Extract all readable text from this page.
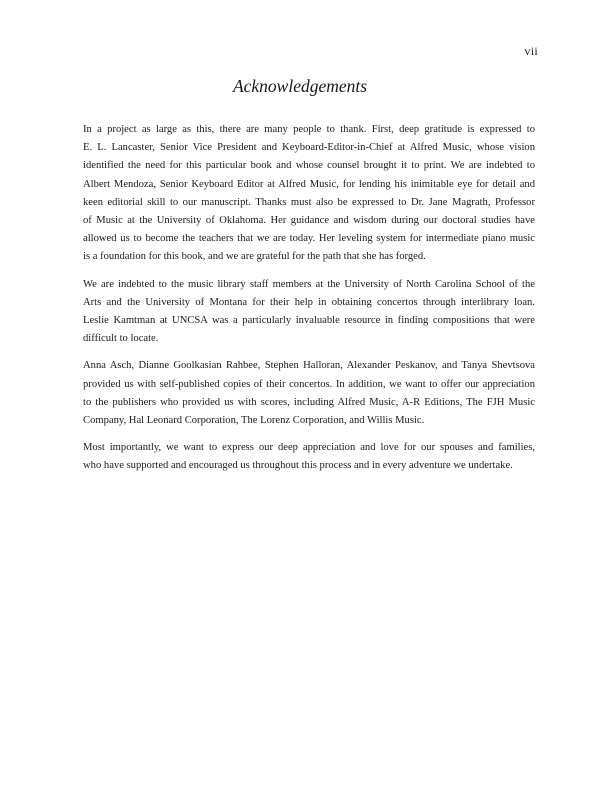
vii
Acknowledgements

In a project as large as this, there are many people to thank. First, deep gratitude is expressed to
E. L. Lancaster, Senior Vice President and Keyboard-Editor-in-Chief at Alfred Music, whose vision
identified the need for this particular book and whose counsel brought it to print. We are indebted to
Albert Mendoza, Senior Keyboard Editor at Alfred Music, for lending his inimitable eye for detail and
keen editorial skill to our manuscript. Thanks must also be expressed to Dr. Jane Magrath, Professor
of Music at the University of Oklahoma. Her guidance and wisdom during our doctoral studies have
allowed us to become the teachers that we are today. Her leveling system for intermediate piano music
is a foundation for this book, and we are grateful for the path that she has forged.

We are indebted to the music library staff members at the University of North Carolina School of the
Arts and the University of Montana for their help in obtaining concertos through interlibrary loan.
Leslie Kamtman at UNCSA was a particularly invaluable resource in finding compositions that were
difficult to locate.

Anna Asch, Dianne Goolkasian Rahbee, Stephen Halloran, Alexander Peskanov, and Tanya Shevtsova
provided us with self-published copies of their concertos. In addition, we want to offer our appreciation
to the publishers who provided us with scores, including Alfred Music, A-R Editions, The FJH Music
Company, Hal Leonard Corporation, The Lorenz Corporation, and Willis Music.

Most importantly, we want to express our deep appreciation and love for our spouses and families,
who have supported and encouraged us throughout this process and in every adventure we undertake.
